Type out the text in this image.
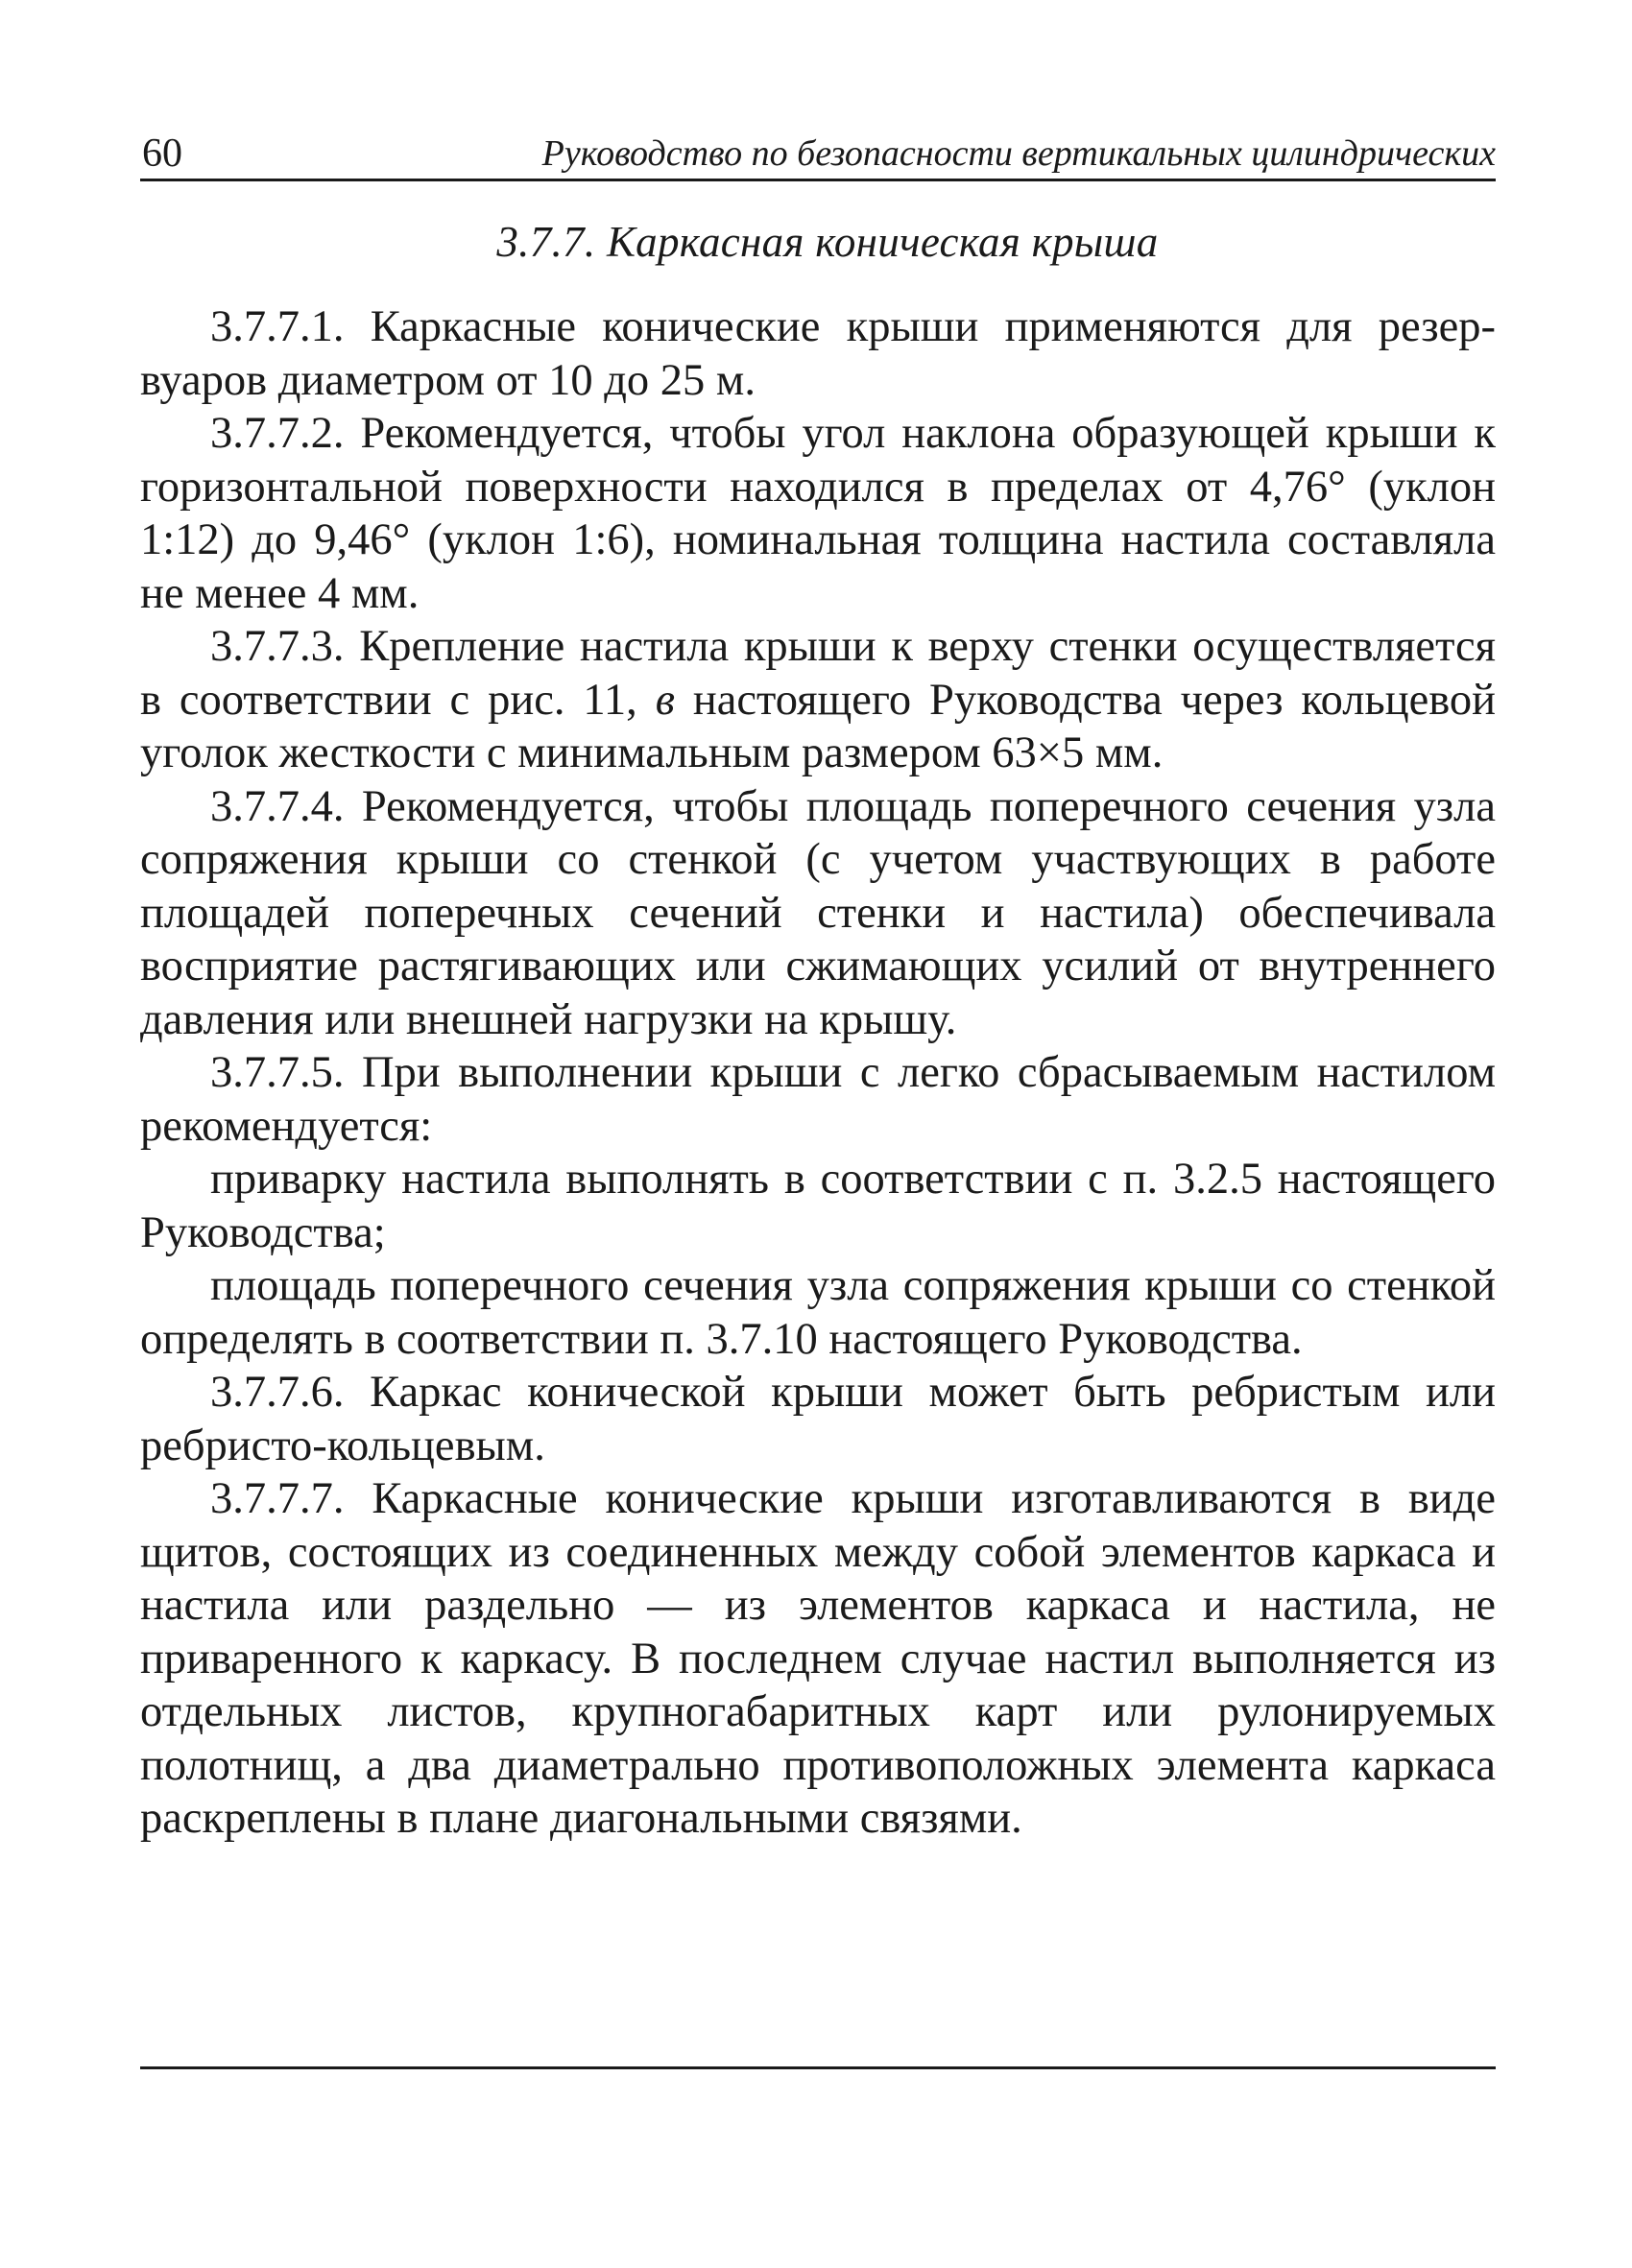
60	Руководство по безопасности вертикальных цилиндрических
3.7.7. Каркасная коническая крыша

3.7.7.1. Каркасные конические крыши применяются для резервуаров диаметром от 10 до 25 м.

3.7.7.2. Рекомендуется, чтобы угол наклона образующей крыши к горизонтальной поверхности находился в пределах от 4,76° (уклон 1:12) до 9,46° (уклон 1:6), номинальная толщина настила составляла не менее 4 мм.

3.7.7.3. Крепление настила крыши к верху стенки осуществляется в соответствии с рис. 11, в настоящего Руководства через кольцевой уголок жесткости с минимальным размером 63×5 мм.

3.7.7.4. Рекомендуется, чтобы площадь поперечного сечения узла сопряжения крыши со стенкой (с учетом участвующих в работе площадей поперечных сечений стенки и настила) обеспечивала восприятие растягивающих или сжимающих усилий от внутреннего давления или внешней нагрузки на крышу.

3.7.7.5. При выполнении крыши с легко сбрасываемым настилом рекомендуется:

приварку настила выполнять в соответствии с п. 3.2.5 настоящего Руководства;

площадь поперечного сечения узла сопряжения крыши со стенкой определять в соответствии п. 3.7.10 настоящего Руководства.

3.7.7.6. Каркас конической крыши может быть ребристым или ребристо-кольцевым.

3.7.7.7. Каркасные конические крыши изготавливаются в виде щитов, состоящих из соединенных между собой элементов каркаса и настила или раздельно — из элементов каркаса и настила, не приваренного к каркасу. В последнем случае настил выполняется из отдельных листов, крупногабаритных карт или рулонируемых полотнищ, а два диаметрально противоположных элемента каркаса раскреплены в плане диагональными связями.
